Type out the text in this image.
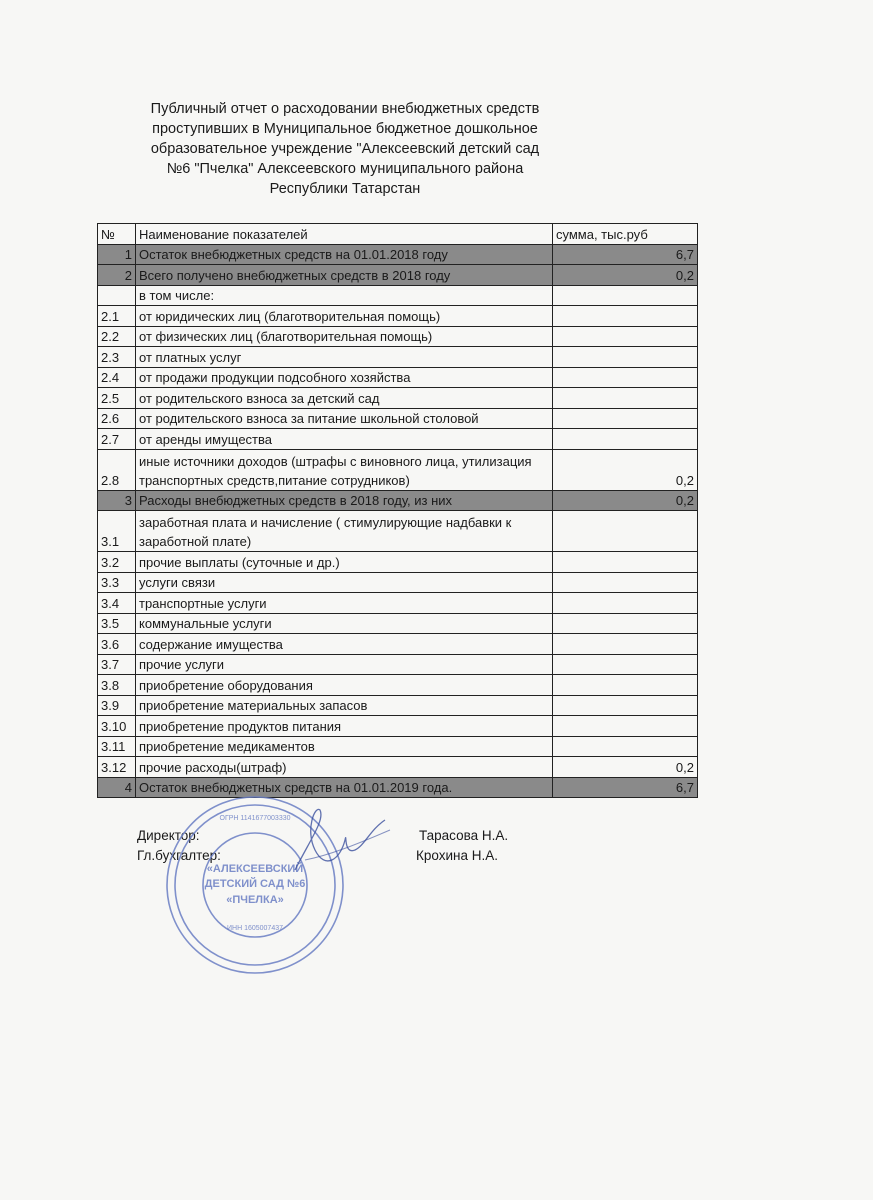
Публичный отчет о расходовании внебюджетных средств
проступивших в Муниципальное бюджетное дошкольное
образовательное учреждение "Алексеевский детский сад
№6 "Пчелка" Алексеевского муниципального района
Республики Татарстан
№	Наименование показателей	сумма, тыс.руб
1	Остаток внебюджетных средств на 01.01.2018 году	6,7
2	Всего получено внебюджетных средств в 2018 году	0,2
	в том числе:	
2.1	от юридических лиц (благотворительная помощь)	
2.2	от физических лиц (благотворительная помощь)	
2.3	от платных услуг	
2.4	от продажи продукции подсобного хозяйства	
2.5	от родительского взноса за детский сад	
2.6	от родительского взноса за питание школьной столовой	
2.7	от аренды имущества	
2.8	иные источники доходов (штрафы с виновного лица, утилизация транспортных средств,питание сотрудников)	0,2
3	Расходы внебюджетных средств в 2018 году, из них	0,2
3.1	заработная плата и начисление ( стимулирующие надбавки к заработной плате)	
3.2	прочие выплаты (суточные и др.)	
3.3	услуги связи	
3.4	транспортные услуги	
3.5	коммунальные услуги	
3.6	содержание имущества	
3.7	прочие услуги	
3.8	приобретение оборудования	
3.9	приобретение материальных запасов	
3.10	приобретение продуктов питания	
3.11	приобретение медикаментов	
3.12	прочие расходы(штраф)	0,2
4	Остаток внебюджетных средств на 01.01.2019 года.	6,7
Директор:	Тарасова Н.А.
Гл.бухгалтер:	Крохина Н.А.
«АЛЕКСЕЕВСКИЙ
ДЕТСКИЙ САД №6
«ПЧЕЛКА»
ИНН 1605007437
ОГРН 1141677003330
